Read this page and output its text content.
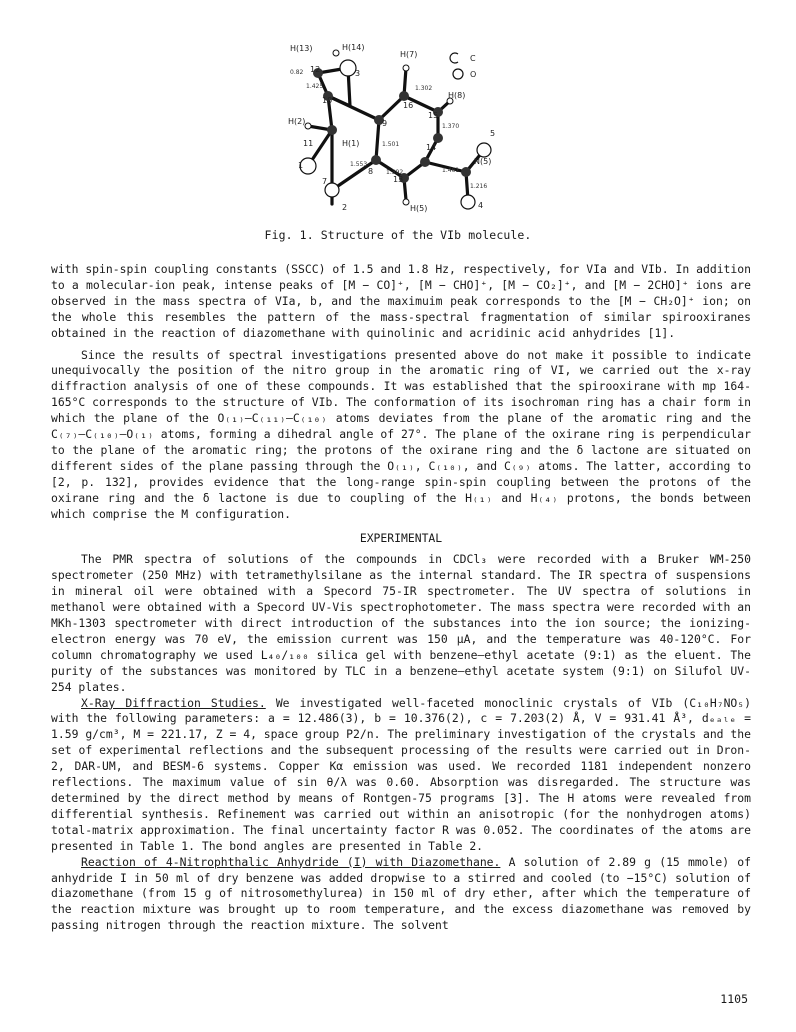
C
O
H(13)	H(14)
12	3
H(7)
10
16
H(8)
15
9
5
H(2)
11	H(1)	14
1
8
N(5)
7	13
H(5)
2	4
0.82
1.425	1.302
1.370
1.553
1.461
1.501
1.392
1.216
Fig. 1. Structure of the VIb molecule.

with spin-spin coupling constants (SSCC) of 1.5 and 1.8 Hz, respectively, for VIa and VIb. In addition to a molecular-ion peak, intense peaks of [M − CO]⁺, [M − CHO]⁺, [M − CO₂]⁺, and [M − 2CHO]⁺ ions are observed in the mass spectra of VIa, b, and the maximuim peak corresponds to the [M − CH₂O]⁺ ion; on the whole this resembles the pattern of the mass-spectral fragmentation of similar spirooxiranes obtained in the reaction of diazomethane with quinolinic and acridinic acid anhydrides [1].

Since the results of spectral investigations presented above do not make it possible to indicate unequivocally the position of the nitro group in the aromatic ring of VI, we carried out the x-ray diffraction analysis of one of these compounds. It was established that the spirooxirane with mp 164-165°C corresponds to the structure of VIb. The conformation of its isochroman ring has a chair form in which the plane of the O₍₁₎–C₍₁₁₎–C₍₁₀₎ atoms deviates from the plane of the aromatic ring and the C₍₇₎–C₍₁₀₎–O₍₁₎ atoms, forming a dihedral angle of 27°. The plane of the oxirane ring is perpendicular to the plane of the aromatic ring; the protons of the oxirane ring and the δ lactone are situated on different sides of the plane passing through the O₍₁₎, C₍₁₀₎, and C₍₉₎ atoms. The latter, according to [2, p. 132], provides evidence that the long-range spin-spin coupling between the protons of the oxirane ring and the δ lactone is due to coupling of the H₍₁₎ and H₍₄₎ protons, the bonds between which comprise the M configuration.

EXPERIMENTAL

The PMR spectra of solutions of the compounds in CDCl₃ were recorded with a Bruker WM-250 spectrometer (250 MHz) with tetramethylsilane as the internal standard. The IR spectra of suspensions in mineral oil were obtained with a Specord 75-IR spectrometer. The UV spectra of solutions in methanol were obtained with a Specord UV-Vis spectrophotometer. The mass spectra were recorded with an MKh-1303 spectrometer with direct introduction of the substances into the ion source; the ionizing-electron energy was 70 eV, the emission current was 150 μA, and the temperature was 40-120°C. For column chromatography we used L₄₀/₁₀₀ silica gel with benzene–ethyl acetate (9:1) as the eluent. The purity of the substances was monitored by TLC in a benzene–ethyl acetate system (9:1) on Silufol UV-254 plates.

X-Ray Diffraction Studies. We investigated well-faceted monoclinic crystals of VIb (C₁₀H₇NO₅) with the following parameters: a = 12.486(3), b = 10.376(2), c = 7.203(2) Å, V = 931.41 Å³, dₑₐₗₑ = 1.59 g/cm³, M = 221.17, Z = 4, space group P2/n. The preliminary investigation of the crystals and the set of experimental reflections and the subsequent processing of the results were carried out in Dron-2, DAR-UM, and BESM-6 systems. Copper Kα emission was used. We recorded 1181 independent nonzero reflections. The maximum value of sin θ/λ was 0.60. Absorption was disregarded. The structure was determined by the direct method by means of Rontgen-75 programs [3]. The H atoms were revealed from differential synthesis. Refinement was carried out within an anisotropic (for the nonhydrogen atoms) total-matrix approximation. The final uncertainty factor R was 0.052. The coordinates of the atoms are presented in Table 1. The bond angles are presented in Table 2.

Reaction of 4-Nitrophthalic Anhydride (I) with Diazomethane. A solution of 2.89 g (15 mmole) of anhydride I in 50 ml of dry benzene was added dropwise to a stirred and cooled (to −15°C) solution of diazomethane (from 15 g of nitrosomethylurea) in 150 ml of dry ether, after which the temperature of the reaction mixture was brought up to room temperature, and the excess diazomethane was removed by passing nitrogen through the reaction mixture. The solvent

1105
